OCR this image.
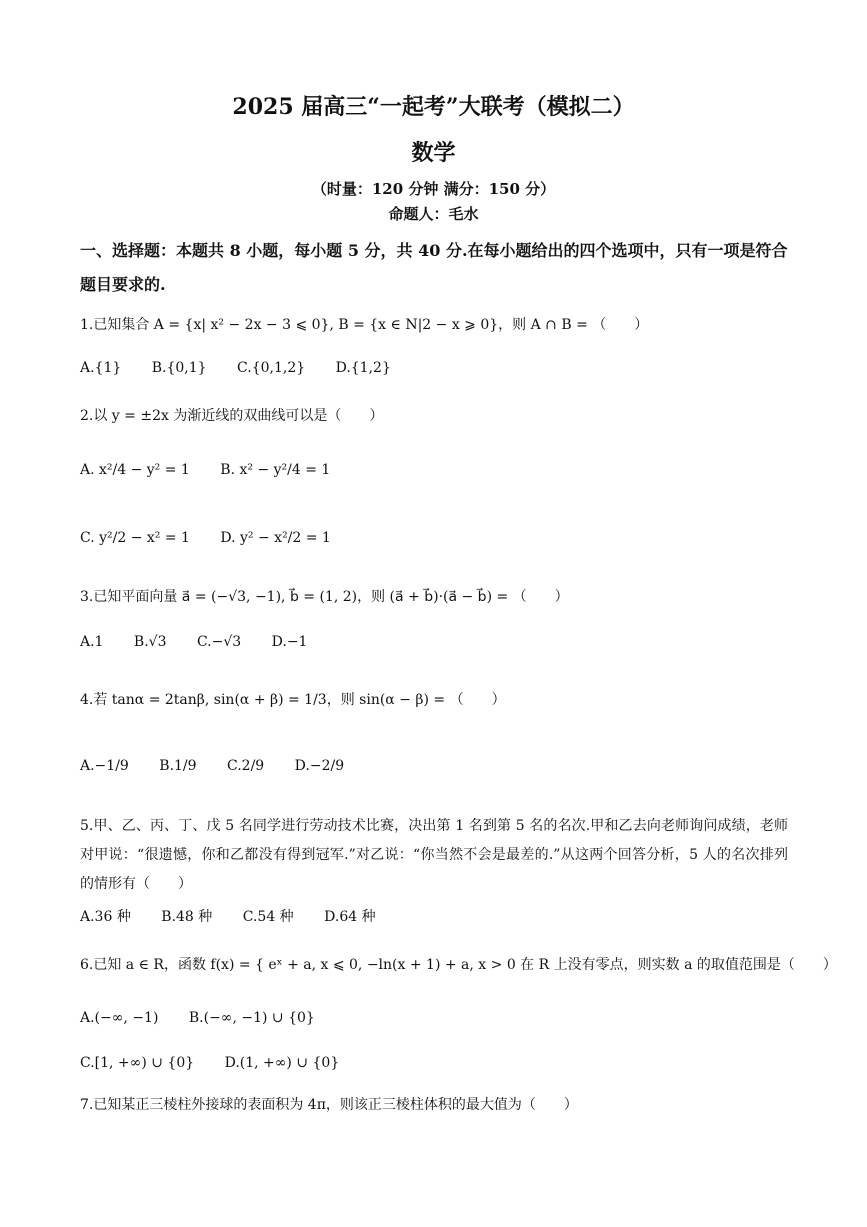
2025 届高三“一起考”大联考（模拟二）
数学
（时量：120 分钟 满分：150 分）
命题人：毛水
一、选择题：本题共 8 小题，每小题 5 分，共 40 分.在每小题给出的四个选项中，只有一项是符合题目要求的.
1.已知集合 A = {x| x² − 2x − 3 ⩽ 0}, B = {x ∈ N|2 − x ⩾ 0}，则 A ∩ B = （　　）
A.{1} B.{0,1} C.{0,1,2} D.{1,2}
2.以 y = ±2x 为渐近线的双曲线可以是（　　）
A. x²/4 − y² = 1 B. x² − y²/4 = 1
C. y²/2 − x² = 1 D. y² − x²/2 = 1
3.已知平面向量 a⃗ = (−√3, −1), b⃗ = (1, 2)，则 (a⃗ + b⃗)·(a⃗ − b⃗) = （　　）
A.1 B.√3 C.−√3 D.−1
4.若 tanα = 2tanβ, sin(α + β) = 1/3，则 sin(α − β) = （　　）
A.−1/9 B.1/9 C.2/9 D.−2/9
5.甲、乙、丙、丁、戊 5 名同学进行劳动技术比赛，决出第 1 名到第 5 名的名次.甲和乙去向老师询问成绩，老师对甲说：“很遗憾，你和乙都没有得到冠军.”对乙说：“你当然不会是最差的.”从这两个回答分析，5 人的名次排列的情形有（　　）
A.36 种 B.48 种 C.54 种 D.64 种
6.已知 a ∈ R，函数 f(x) = { eˣ + a, x ⩽ 0, −ln(x + 1) + a, x > 0 在 R 上没有零点，则实数 a 的取值范围是（　　）
A.(−∞, −1) B.(−∞, −1) ∪ {0}
C.[1, +∞) ∪ {0} D.(1, +∞) ∪ {0}
7.已知某正三棱柱外接球的表面积为 4π，则该正三棱柱体积的最大值为（　　）
